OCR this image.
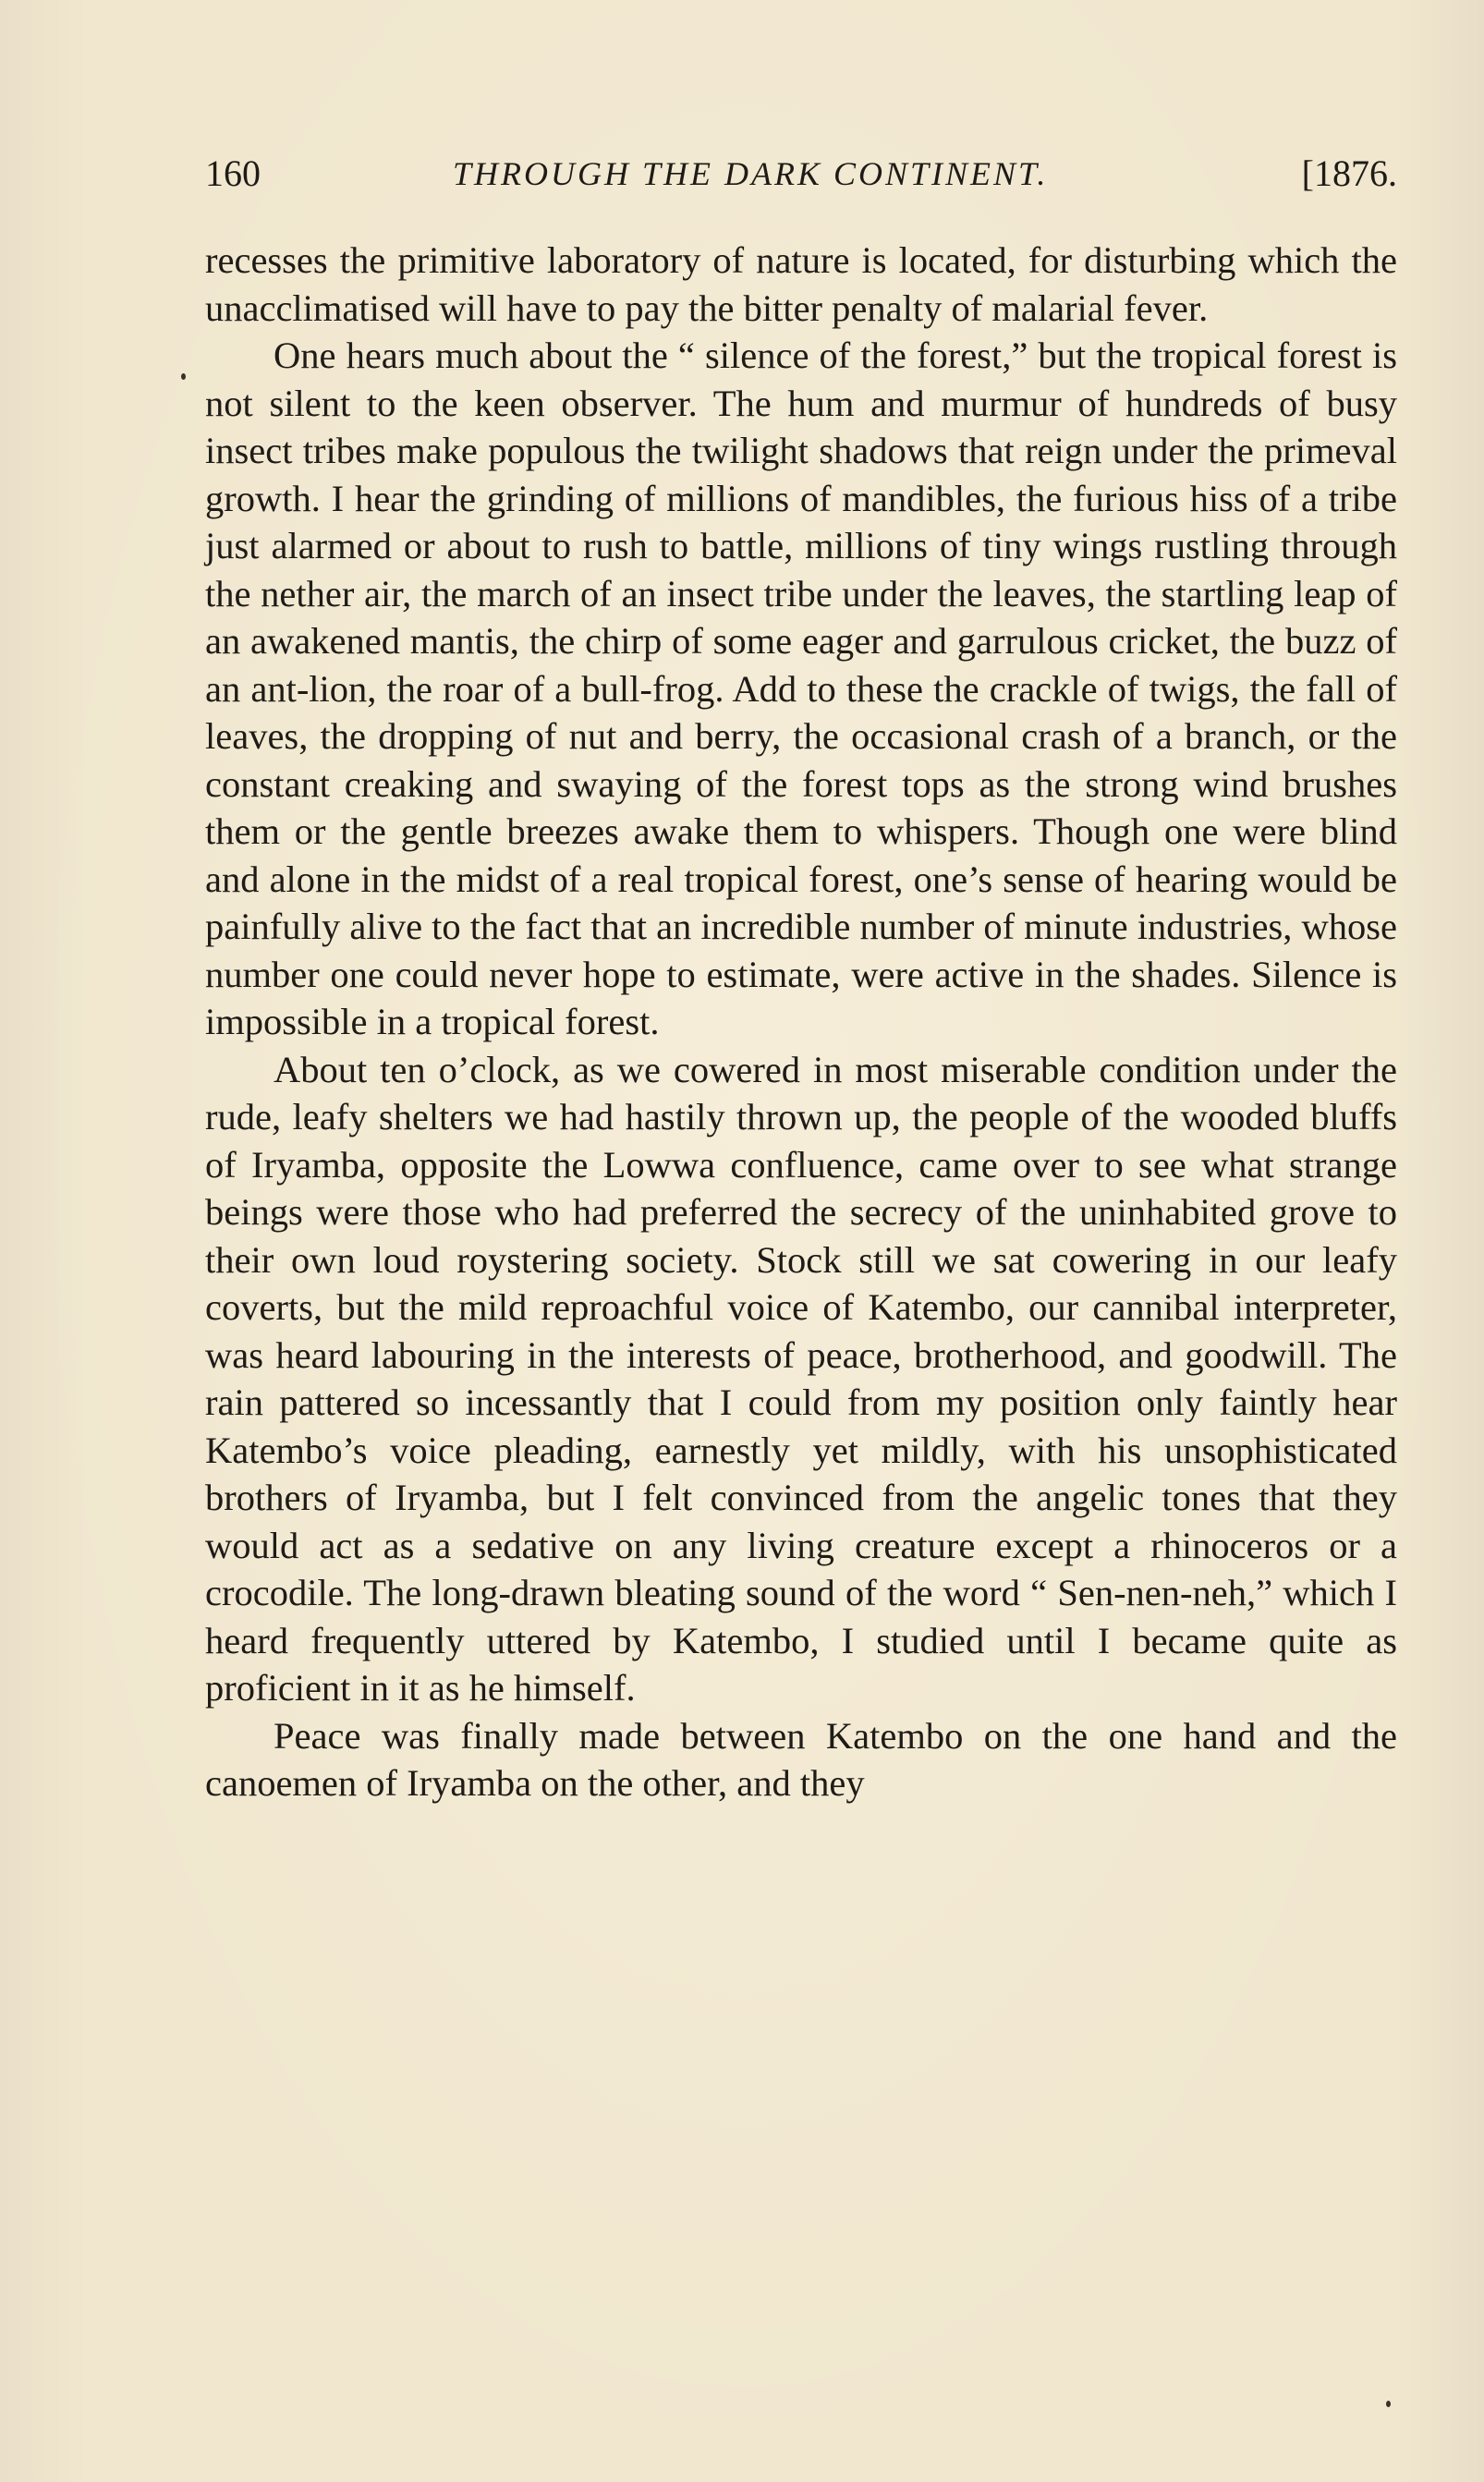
160	THROUGH THE DARK CONTINENT.	[1876.

recesses the primitive laboratory of nature is located, for disturbing which the unacclimatised will have to pay the bitter penalty of malarial fever.

One hears much about the “ silence of the forest,” but the tropical forest is not silent to the keen observer. The hum and murmur of hundreds of busy insect tribes make populous the twilight shadows that reign under the primeval growth. I hear the grinding of millions of mandibles, the furious hiss of a tribe just alarmed or about to rush to battle, millions of tiny wings rustling through the nether air, the march of an insect tribe under the leaves, the startling leap of an awakened mantis, the chirp of some eager and garrulous cricket, the buzz of an ant-lion, the roar of a bull-frog. Add to these the crackle of twigs, the fall of leaves, the dropping of nut and berry, the occasional crash of a branch, or the constant creaking and swaying of the forest tops as the strong wind brushes them or the gentle breezes awake them to whispers. Though one were blind and alone in the midst of a real tropical forest, one’s sense of hearing would be painfully alive to the fact that an incredible number of minute industries, whose number one could never hope to estimate, were active in the shades. Silence is impossible in a tropical forest.

About ten o’clock, as we cowered in most miserable condition under the rude, leafy shelters we had hastily thrown up, the people of the wooded bluffs of Iryamba, opposite the Lowwa confluence, came over to see what strange beings were those who had preferred the secrecy of the uninhabited grove to their own loud roystering society. Stock still we sat cowering in our leafy coverts, but the mild reproachful voice of Katembo, our cannibal interpreter, was heard labouring in the interests of peace, brotherhood, and goodwill. The rain pattered so incessantly that I could from my position only faintly hear Katembo’s voice pleading, earnestly yet mildly, with his unsophisticated brothers of Iryamba, but I felt convinced from the angelic tones that they would act as a sedative on any living creature except a rhinoceros or a crocodile. The long-drawn bleating sound of the word “ Sen-nen-neh,” which I heard frequently uttered by Katembo, I studied until I became quite as proficient in it as he himself.

Peace was finally made between Katembo on the one hand and the canoemen of Iryamba on the other, and they
